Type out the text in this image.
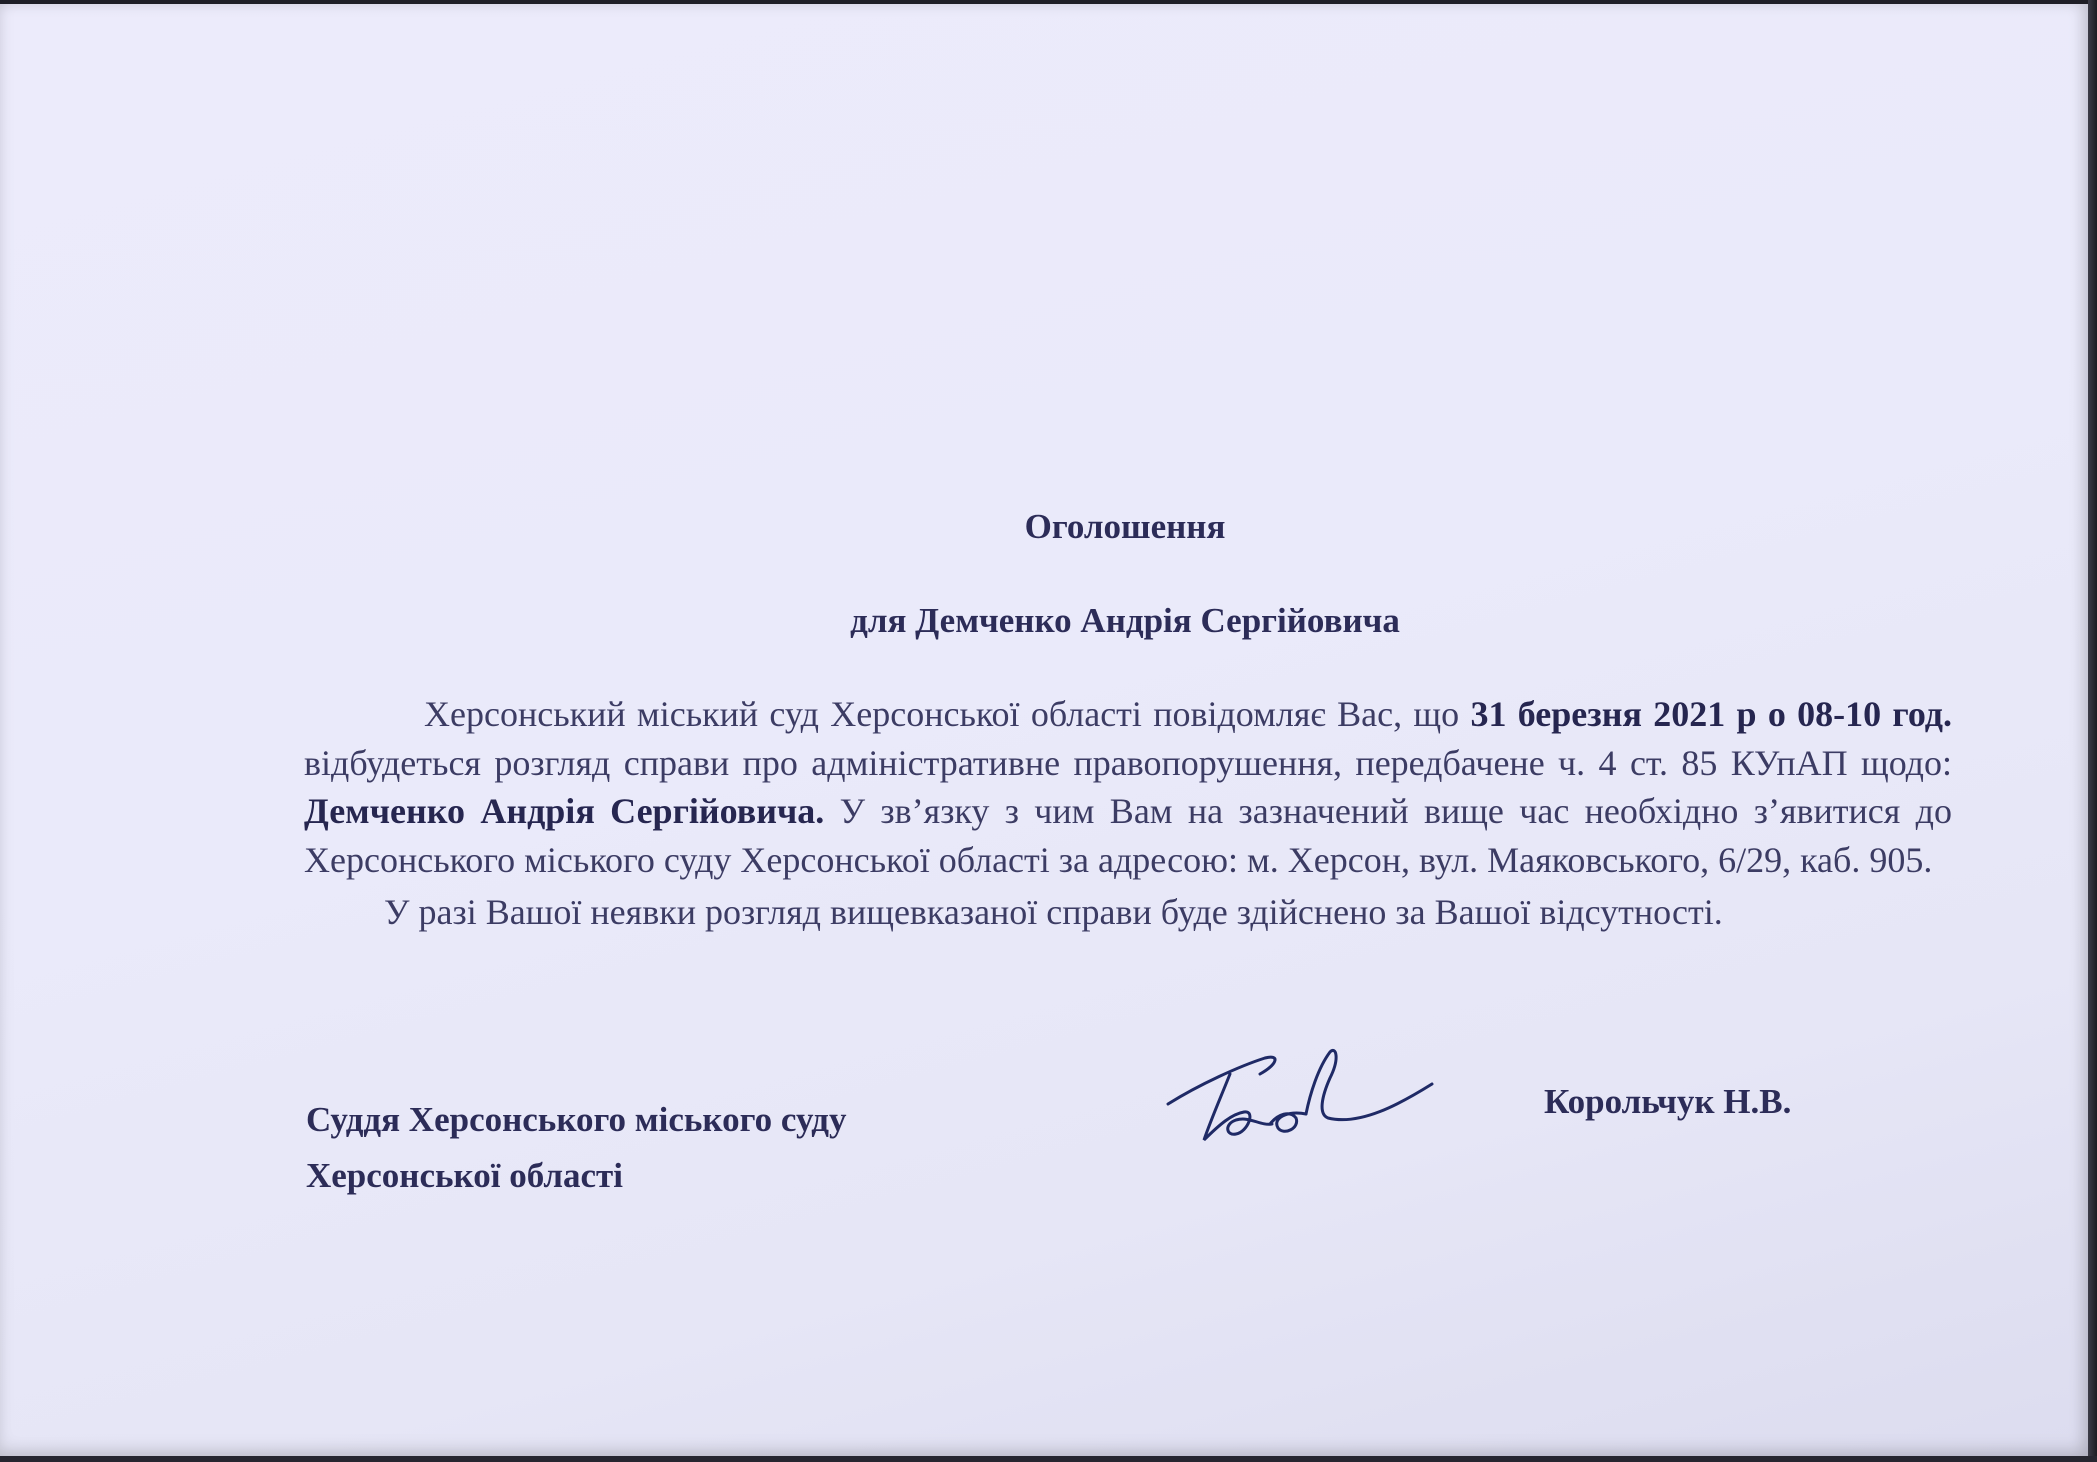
Оголошення
для Демченко Андрія Сергійовича

Херсонський міський суд Херсонської області повідомляє Вас, що 31 березня 2021 р о 08-10 год. відбудеться розгляд справи про адміністративне правопорушення, передбачене ч. 4 ст. 85 КУпАП щодо: Демченко Андрія Сергійовича. У зв’язку з чим Вам на зазначений вище час необхідно з’явитися до Херсонського міського суду Херсонської області за адресою: м. Херсон, вул. Маяковського, 6/29, каб. 905.

У разі Вашої неявки розгляд вищевказаної справи буде здійснено за Вашої відсутності.

Суддя Херсонського міського суду
Херсонської області
Корольчук Н.В.
